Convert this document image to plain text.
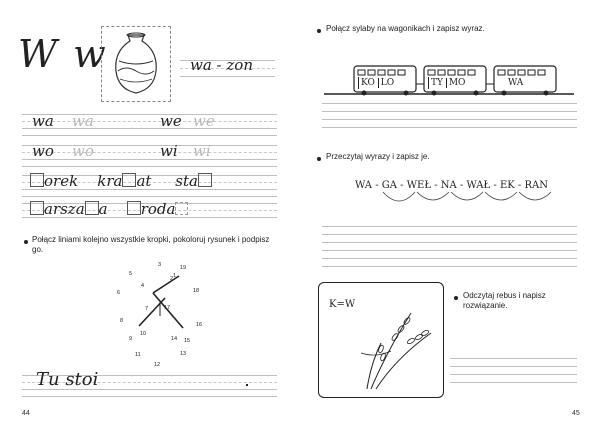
W w	wa - zon
wa wa	we we
wo wo	wi wi
orek kra at sta
arsza a roda
Połącz liniami kolejno wszystkie kropki, pokoloruj rysunek i podpisz go.
1
2
3
4
5
6
7
8
9
10
11
12
13
14 15
16
17
18
19
Tu stoi
44
Połącz sylaby na wagonikach i zapisz wyraz.
KO LO	TY MO	WA
Przeczytaj wyrazy i zapisz je.
WA - GA - WEŁ - NA - WAŁ - EK - RAN
K=W
Odczytaj rebus i napisz rozwiązanie.
45
